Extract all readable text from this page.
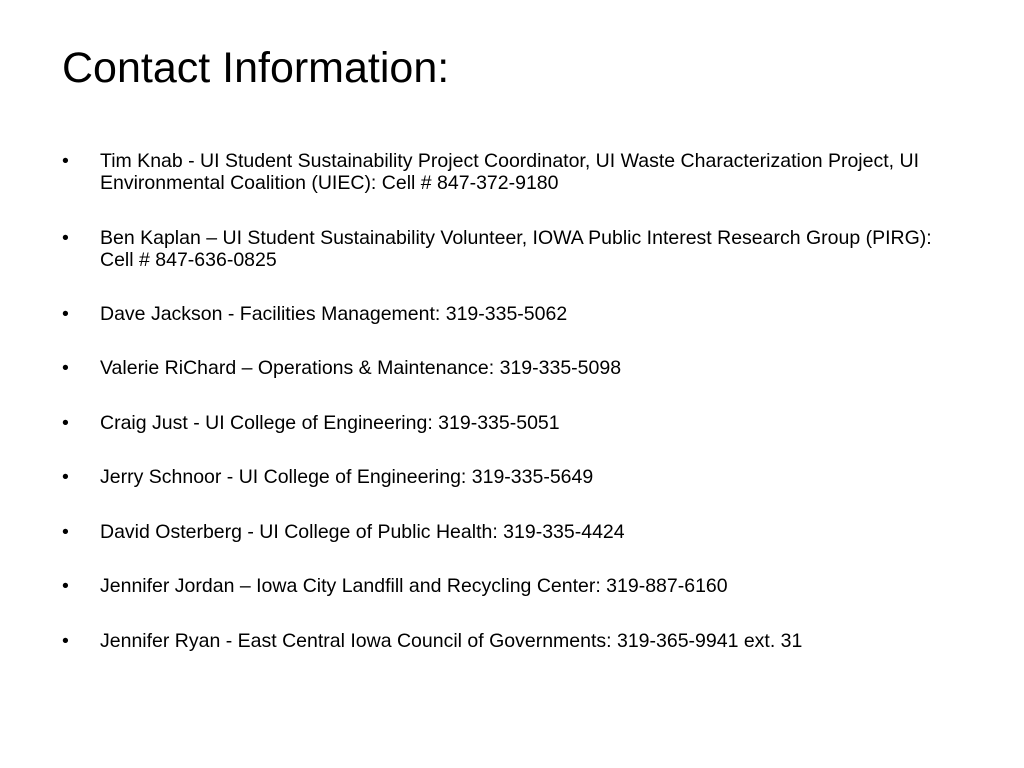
Contact Information:
•	Tim Knab - UI Student Sustainability Project Coordinator, UI Waste Characterization Project, UI Environmental Coalition (UIEC): Cell # 847-372-9180
•	Ben Kaplan – UI Student Sustainability Volunteer, IOWA Public Interest Research Group (PIRG): Cell # 847-636-0825
•	Dave Jackson - Facilities Management: 319-335-5062
•	Valerie RiChard – Operations & Maintenance: 319-335-5098
•	Craig Just - UI College of Engineering: 319-335-5051
•	Jerry Schnoor - UI College of Engineering: 319-335-5649
•	David Osterberg - UI College of Public Health: 319-335-4424
•	Jennifer Jordan – Iowa City Landfill and Recycling Center: 319-887-6160
•	Jennifer Ryan - East Central Iowa Council of Governments: 319-365-9941 ext. 31
